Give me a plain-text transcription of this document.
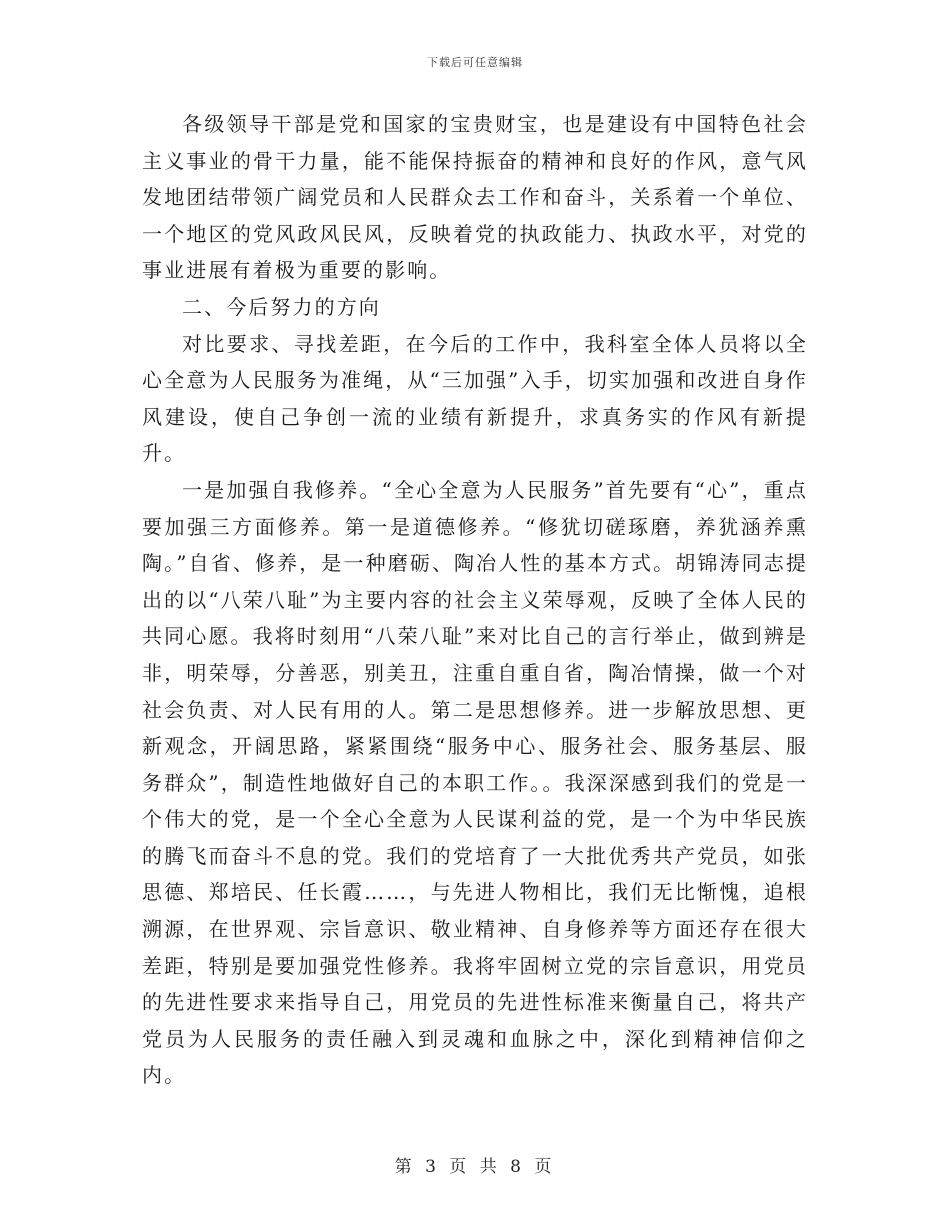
下载后可任意编辑

各级领导干部是党和国家的宝贵财宝，也是建设有中国特色社会主义事业的骨干力量，能不能保持振奋的精神和良好的作风，意气风发地团结带领广阔党员和人民群众去工作和奋斗，关系着一个单位、一个地区的党风政风民风，反映着党的执政能力、执政水平，对党的事业进展有着极为重要的影响。

二、今后努力的方向

对比要求、寻找差距，在今后的工作中，我科室全体人员将以全心全意为人民服务为准绳，从“三加强”入手，切实加强和改进自身作风建设，使自己争创一流的业绩有新提升，求真务实的作风有新提升。

一是加强自我修养。“全心全意为人民服务”首先要有“心”，重点要加强三方面修养。第一是道德修养。“修犹切磋琢磨，养犹涵养熏陶。”自省、修养，是一种磨砺、陶冶人性的基本方式。胡锦涛同志提出的以“八荣八耻”为主要内容的社会主义荣辱观，反映了全体人民的共同心愿。我将时刻用“八荣八耻”来对比自己的言行举止，做到辨是非，明荣辱，分善恶，别美丑，注重自重自省，陶冶情操，做一个对社会负责、对人民有用的人。第二是思想修养。进一步解放思想、更新观念，开阔思路，紧紧围绕“服务中心、服务社会、服务基层、服务群众”，制造性地做好自己的本职工作。。我深深感到我们的党是一个伟大的党，是一个全心全意为人民谋利益的党，是一个为中华民族的腾飞而奋斗不息的党。我们的党培育了一大批优秀共产党员，如张思德、郑培民、任长霞……，与先进人物相比，我们无比惭愧，追根溯源，在世界观、宗旨意识、敬业精神、自身修养等方面还存在很大差距，特别是要加强党性修养。我将牢固树立党的宗旨意识，用党员的先进性要求来指导自己，用党员的先进性标准来衡量自己，将共产党员为人民服务的责任融入到灵魂和血脉之中，深化到精神信仰之内。

第 3 页 共 8 页
